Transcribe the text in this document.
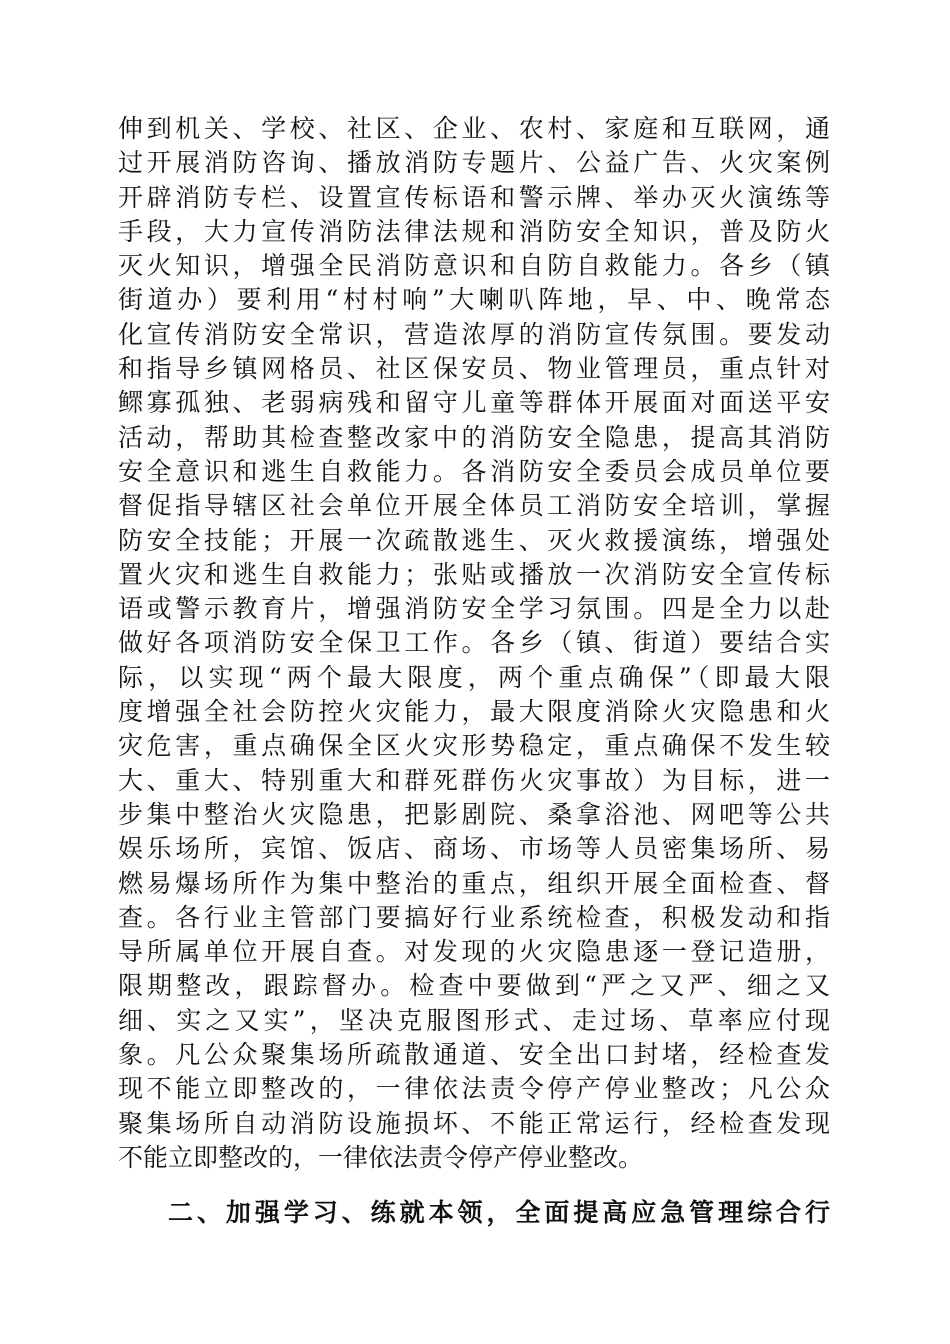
伸到机关、学校、社区、企业、农村、家庭和互联网，通
过开展消防咨询、播放消防专题片、公益广告、火灾案例
开辟消防专栏、设置宣传标语和警示牌、举办灭火演练等
手段，大力宣传消防法律法规和消防安全知识，普及防火
灭火知识，增强全民消防意识和自防自救能力。各乡（镇
街道办）要利用“村村响”大喇叭阵地，早、中、晚常态
化宣传消防安全常识，营造浓厚的消防宣传氛围。要发动
和指导乡镇网格员、社区保安员、物业管理员，重点针对
鳏寡孤独、老弱病残和留守儿童等群体开展面对面送平安
活动，帮助其检查整改家中的消防安全隐患，提高其消防
安全意识和逃生自救能力。各消防安全委员会成员单位要
督促指导辖区社会单位开展全体员工消防安全培训，掌握
防安全技能；开展一次疏散逃生、灭火救援演练，增强处
置火灾和逃生自救能力；张贴或播放一次消防安全宣传标
语或警示教育片，增强消防安全学习氛围。四是全力以赴
做好各项消防安全保卫工作。各乡（镇、街道）要结合实
际，以实现“两个最大限度，两个重点确保”（即最大限
度增强全社会防控火灾能力，最大限度消除火灾隐患和火
灾危害，重点确保全区火灾形势稳定，重点确保不发生较
大、重大、特别重大和群死群伤火灾事故）为目标，进一
步集中整治火灾隐患，把影剧院、桑拿浴池、网吧等公共
娱乐场所，宾馆、饭店、商场、市场等人员密集场所、易
燃易爆场所作为集中整治的重点，组织开展全面检查、督
查。各行业主管部门要搞好行业系统检查，积极发动和指
导所属单位开展自查。对发现的火灾隐患逐一登记造册，
限期整改，跟踪督办。检查中要做到“严之又严、细之又
细、实之又实”，坚决克服图形式、走过场、草率应付现
象。凡公众聚集场所疏散通道、安全出口封堵，经检查发
现不能立即整改的，一律依法责令停产停业整改；凡公众
聚集场所自动消防设施损坏、不能正常运行，经检查发现
不能立即整改的，一律依法责令停产停业整改。
二、加强学习、练就本领，全面提高应急管理综合行
